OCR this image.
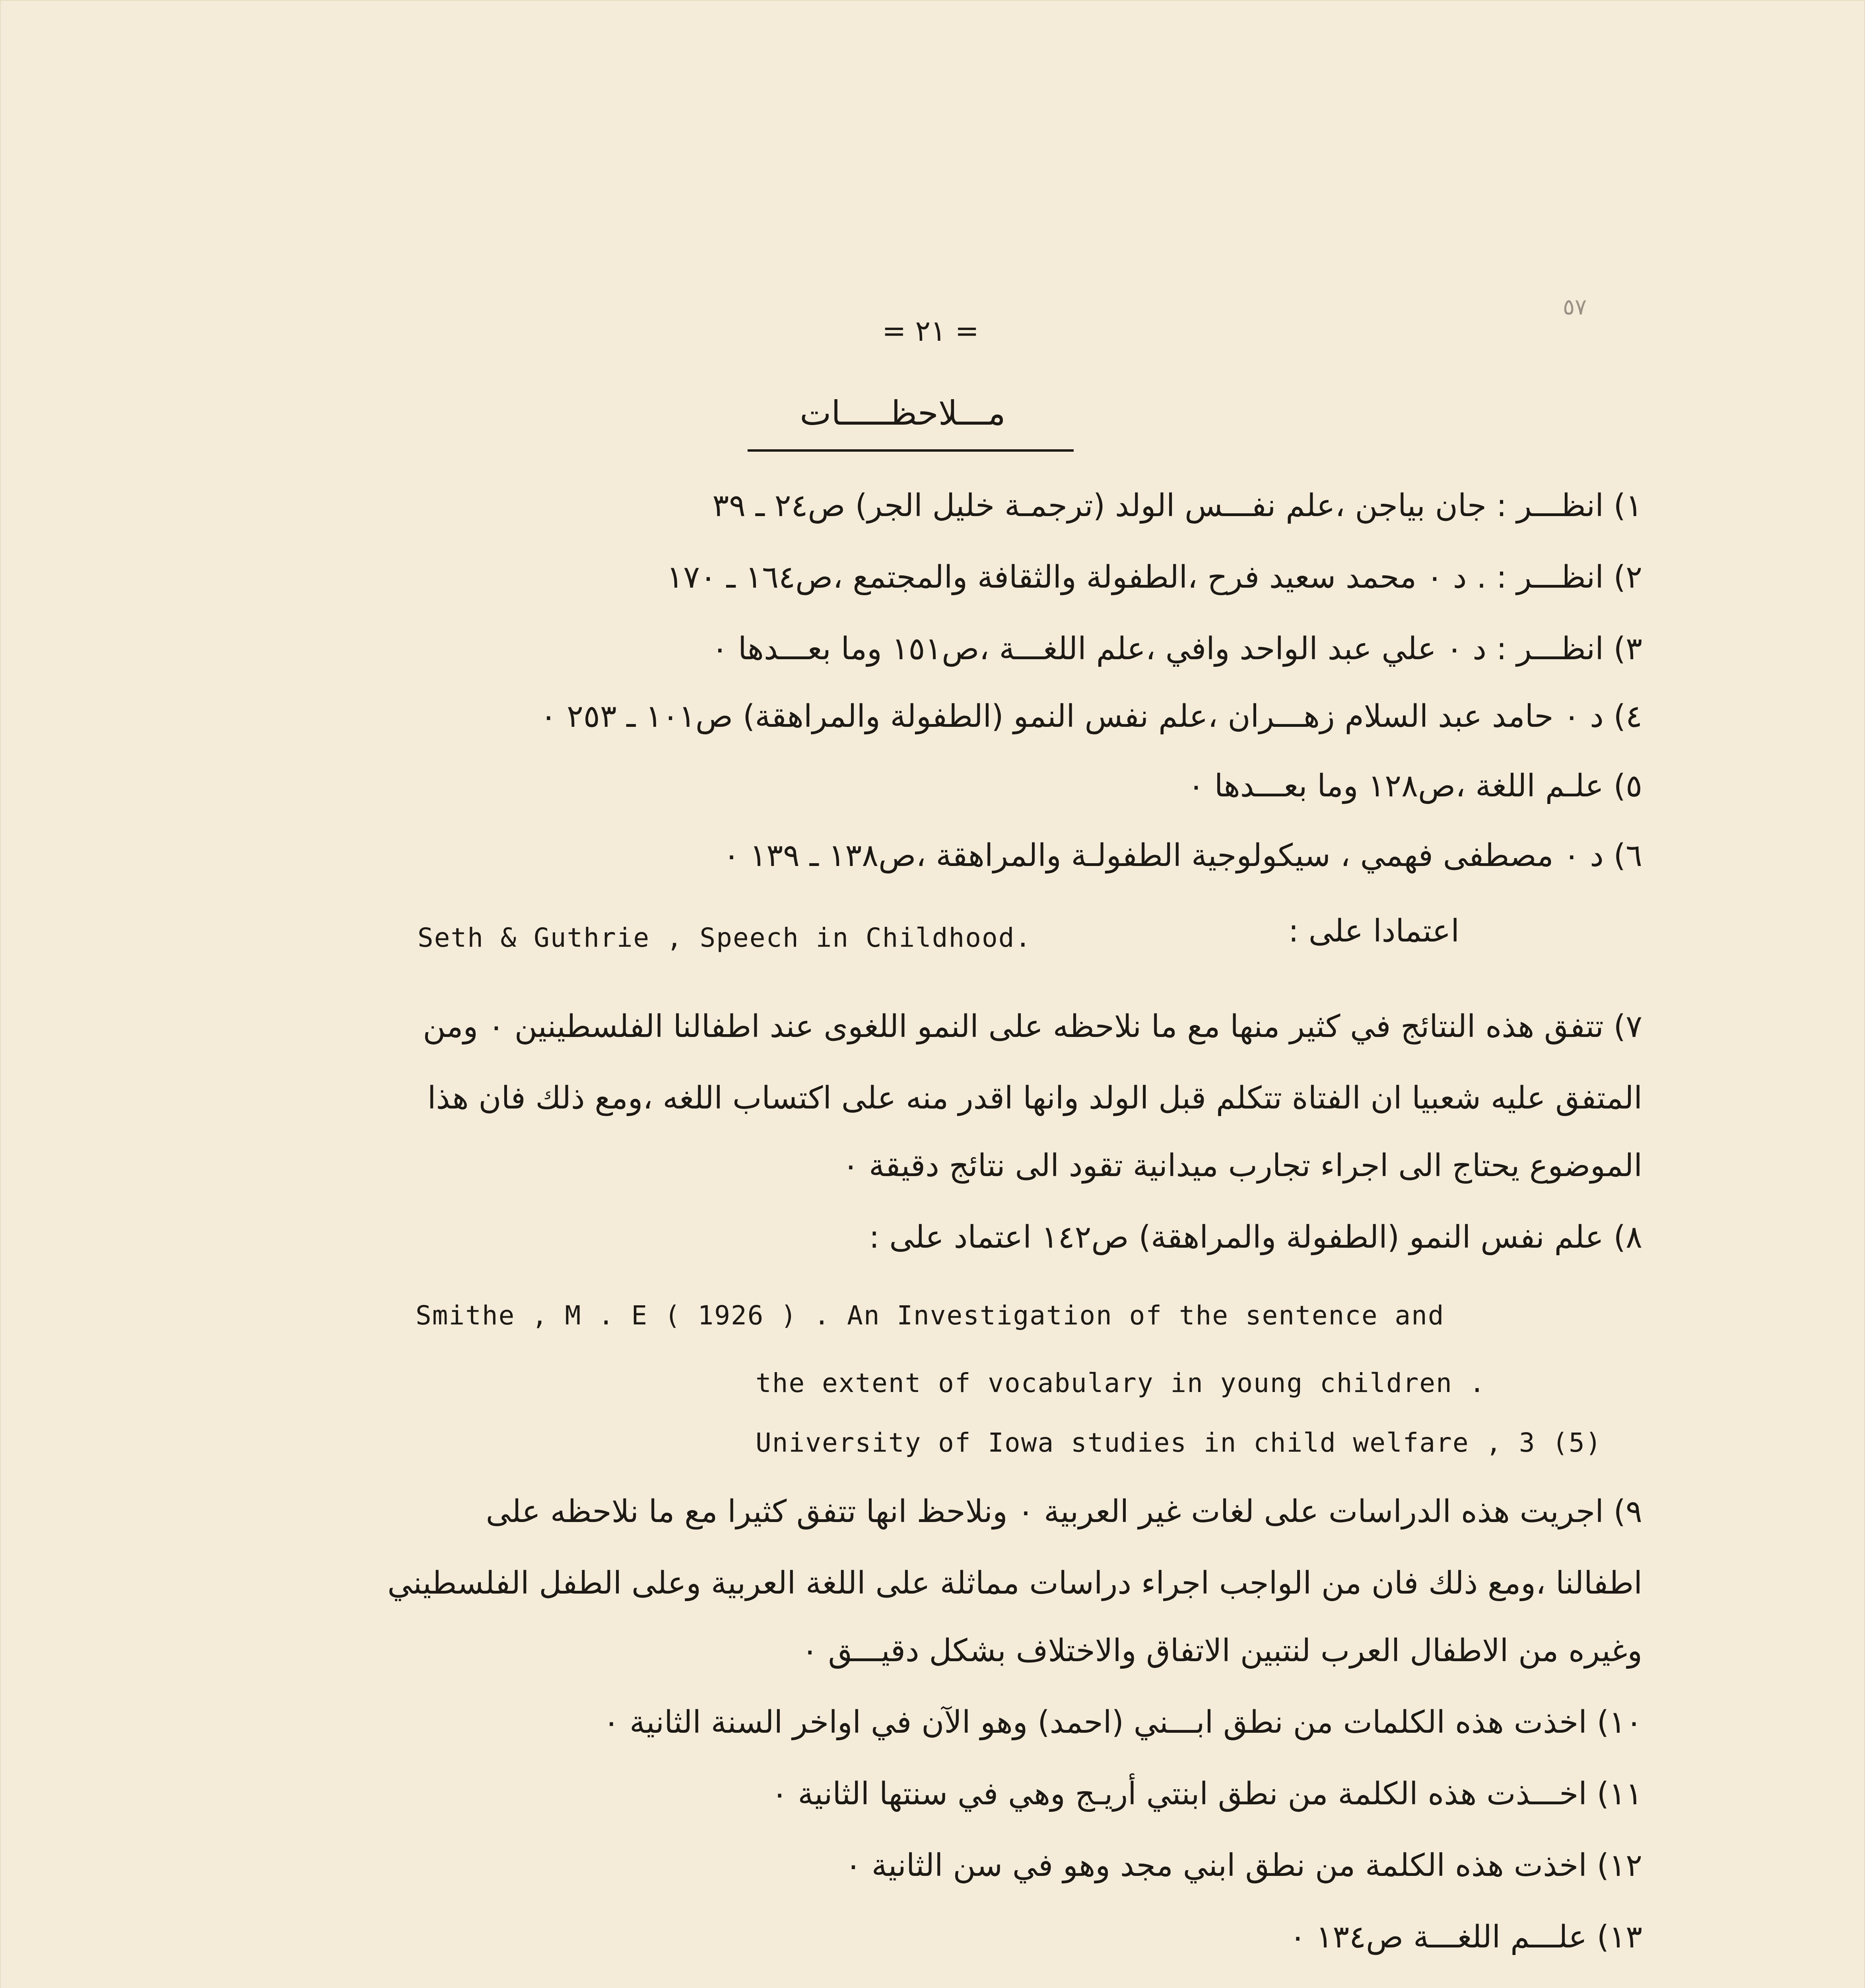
٥٧
= ٢١ =
مـــلاحظـــــات
١) انظـــر : جان بياجن ،علم نفـــس الولد (ترجمـة خليل الجر) ص٢٤ ـ ٣٩
٢) انظـــر : . د ٠ محمد سعيد فرح ،الطفولة والثقافة والمجتمع ،ص١٦٤ ـ ١٧٠
٣) انظـــر : د ٠ علي عبد الواحد وافي ،علم اللغـــة ،ص١٥١ وما بعـــدها ٠
٤) د ٠ حامد عبد السلام زهـــران ،علم نفس النمو (الطفولة والمراهقة) ص١٠١ ـ ٢٥٣ ٠
٥) علـم اللغة ،ص١٢٨ وما بعـــدها ٠
٦) د ٠ مصطفى فهمي ، سيكولوجية الطفولـة والمراهقة ،ص١٣٨ ـ ١٣٩ ٠
اعتمادا على :
Seth & Guthrie , Speech in Childhood.
٧) تتفق هذه النتائج في كثير منها مع ما نلاحظه على النمو اللغوى عند اطفالنا الفلسطينين ٠ ومن
المتفق عليه شعبيا ان الفتاة تتكلم قبل الولد وانها اقدر منه على اكتساب اللغه ،ومع ذلك فان هذا
الموضوع يحتاج الى اجراء تجارب ميدانية تقود الى نتائج دقيقة ٠
٨) علم نفس النمو (الطفولة والمراهقة) ص١٤٢ اعتماد على :
Smithe , M . E ( 1926 ) . An Investigation of the sentence and
the extent of vocabulary in young children .
University of Iowa studies in child welfare , 3 (5)
٩) اجريت هذه الدراسات على لغات غير العربية ٠ ونلاحظ انها تتفق كثيرا مع ما نلاحظه على
اطفالنا ،ومع ذلك فان من الواجب اجراء دراسات مماثلة على اللغة العربية وعلى الطفل الفلسطيني
وغيره من الاطفال العرب لنتبين الاتفاق والاختلاف بشكل دقيـــق ٠
١٠) اخذت هذه الكلمات من نطق ابـــني (احمد) وهو الآن في اواخر السنة الثانية ٠
١١) اخـــذت هذه الكلمة من نطق ابنتي أريـج وهي في سنتها الثانية ٠
١٢) اخذت هذه الكلمة من نطق ابني مجد وهو في سن الثانية ٠
١٣) علـــم اللغـــة ص١٣٤ ٠
